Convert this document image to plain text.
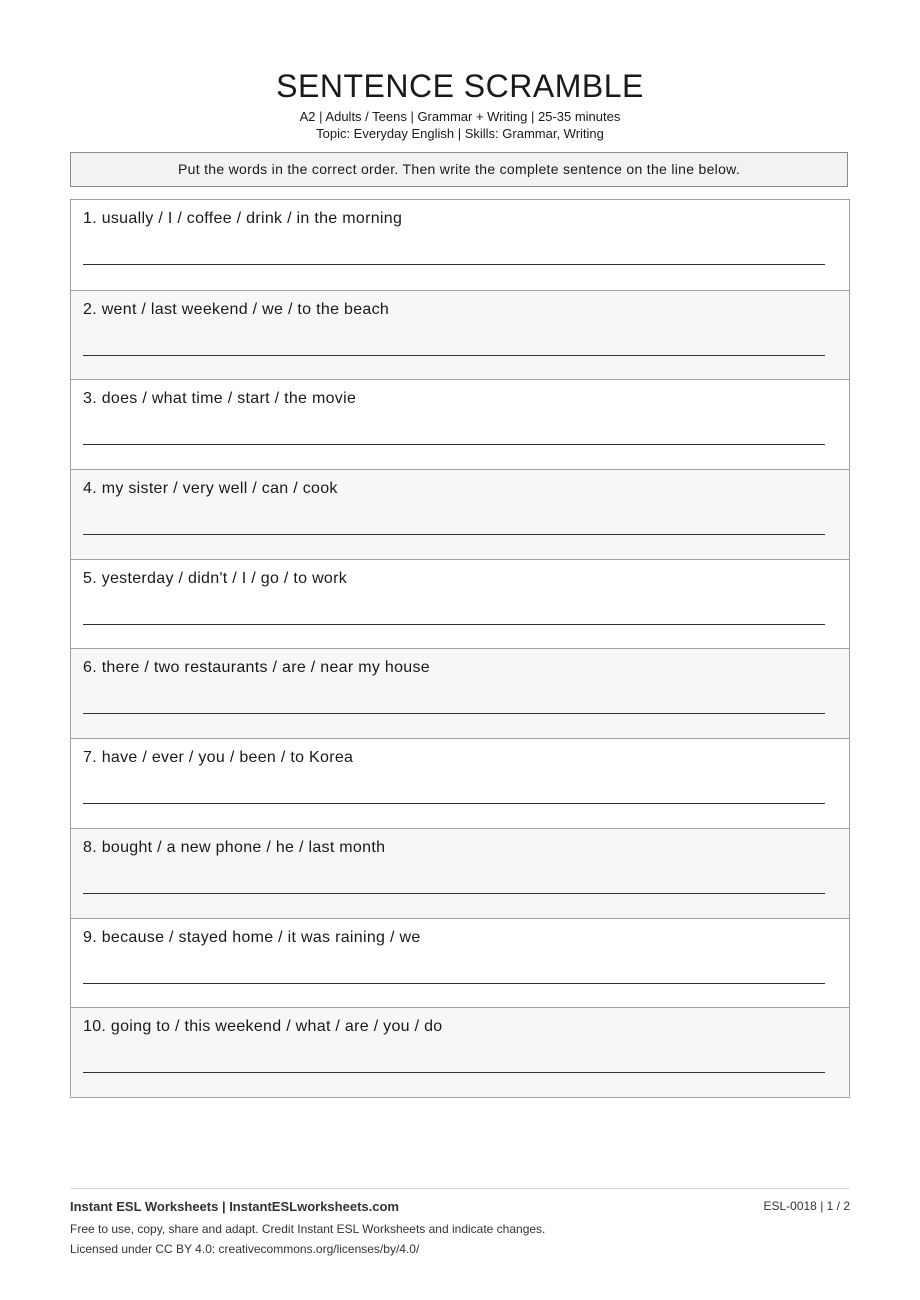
SENTENCE SCRAMBLE
A2 | Adults / Teens | Grammar + Writing | 25-35 minutes
Topic: Everyday English | Skills: Grammar, Writing
Put the words in the correct order. Then write the complete sentence on the line below.
1. usually / I / coffee / drink / in the morning
2. went / last weekend / we / to the beach
3. does / what time / start / the movie
4. my sister / very well / can / cook
5. yesterday / didn't / I / go / to work
6. there / two restaurants / are / near my house
7. have / ever / you / been / to Korea
8. bought / a new phone / he / last month
9. because / stayed home / it was raining / we
10. going to / this weekend / what / are / you / do
Instant ESL Worksheets | InstantESLworksheets.com	ESL-0018 | 1 / 2
Free to use, copy, share and adapt. Credit Instant ESL Worksheets and indicate changes.
Licensed under CC BY 4.0: creativecommons.org/licenses/by/4.0/
